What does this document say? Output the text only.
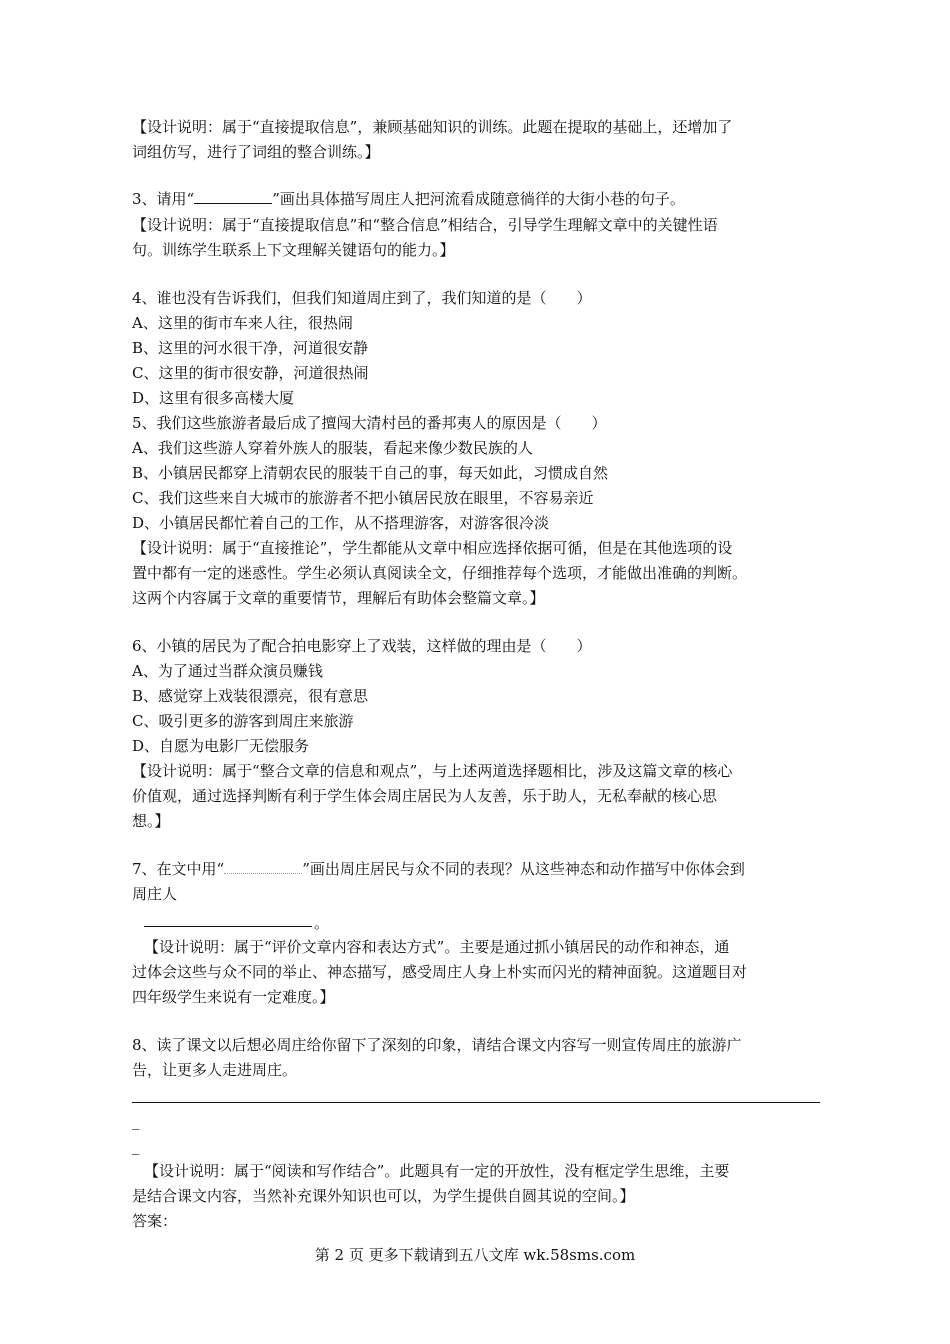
【设计说明：属于“直接提取信息”，兼顾基础知识的训练。此题在提取的基础上，还增加了
词组仿写，进行了词组的整合训练。】
3、请用“	”画出具体描写周庄人把河流看成随意徜徉的大街小巷的句子。
【设计说明：属于“直接提取信息”和“整合信息”相结合，引导学生理解文章中的关键性语
句。训练学生联系上下文理解关键语句的能力。】
4、谁也没有告诉我们，但我们知道周庄到了，我们知道的是（　　）
A、这里的街市车来人往，很热闹
B、这里的河水很干净，河道很安静
C、这里的街市很安静，河道很热闹
D、这里有很多高楼大厦
5、我们这些旅游者最后成了擅闯大清村邑的番邦夷人的原因是（　　）
A、我们这些游人穿着外族人的服装，看起来像少数民族的人
B、小镇居民都穿上清朝农民的服装干自己的事，每天如此，习惯成自然
C、我们这些来自大城市的旅游者不把小镇居民放在眼里，不容易亲近
D、小镇居民都忙着自己的工作，从不搭理游客，对游客很冷淡
【设计说明：属于“直接推论”，学生都能从文章中相应选择依据可循，但是在其他选项的设
置中都有一定的迷惑性。学生必须认真阅读全文，仔细推荐每个选项，才能做出准确的判断。
这两个内容属于文章的重要情节，理解后有助体会整篇文章。】
6、小镇的居民为了配合拍电影穿上了戏装，这样做的理由是（　　）
A、为了通过当群众演员赚钱
B、感觉穿上戏装很漂亮，很有意思
C、吸引更多的游客到周庄来旅游
D、自愿为电影厂无偿服务
【设计说明：属于“整合文章的信息和观点”，与上述两道选择题相比，涉及这篇文章的核心
价值观，通过选择判断有利于学生体会周庄居民为人友善，乐于助人，无私奉献的核心思
想。】
7、在文中用“	”画出周庄居民与众不同的表现？从这些神态和动作描写中你体会到
周庄人
。
【设计说明：属于“评价文章内容和表达方式”。主要是通过抓小镇居民的动作和神态，通
过体会这些与众不同的举止、神态描写，感受周庄人身上朴实而闪光的精神面貌。这道题目对
四年级学生来说有一定难度。】
8、读了课文以后想必周庄给你留下了深刻的印象，请结合课文内容写一则宣传周庄的旅游广
告，让更多人走进周庄。
_
_
【设计说明：属于“阅读和写作结合”。此题具有一定的开放性，没有框定学生思维，主要
是结合课文内容，当然补充课外知识也可以，为学生提供自圆其说的空间。】
答案：
第 2 页 更多下载请到五八文库 wk.58sms.com
